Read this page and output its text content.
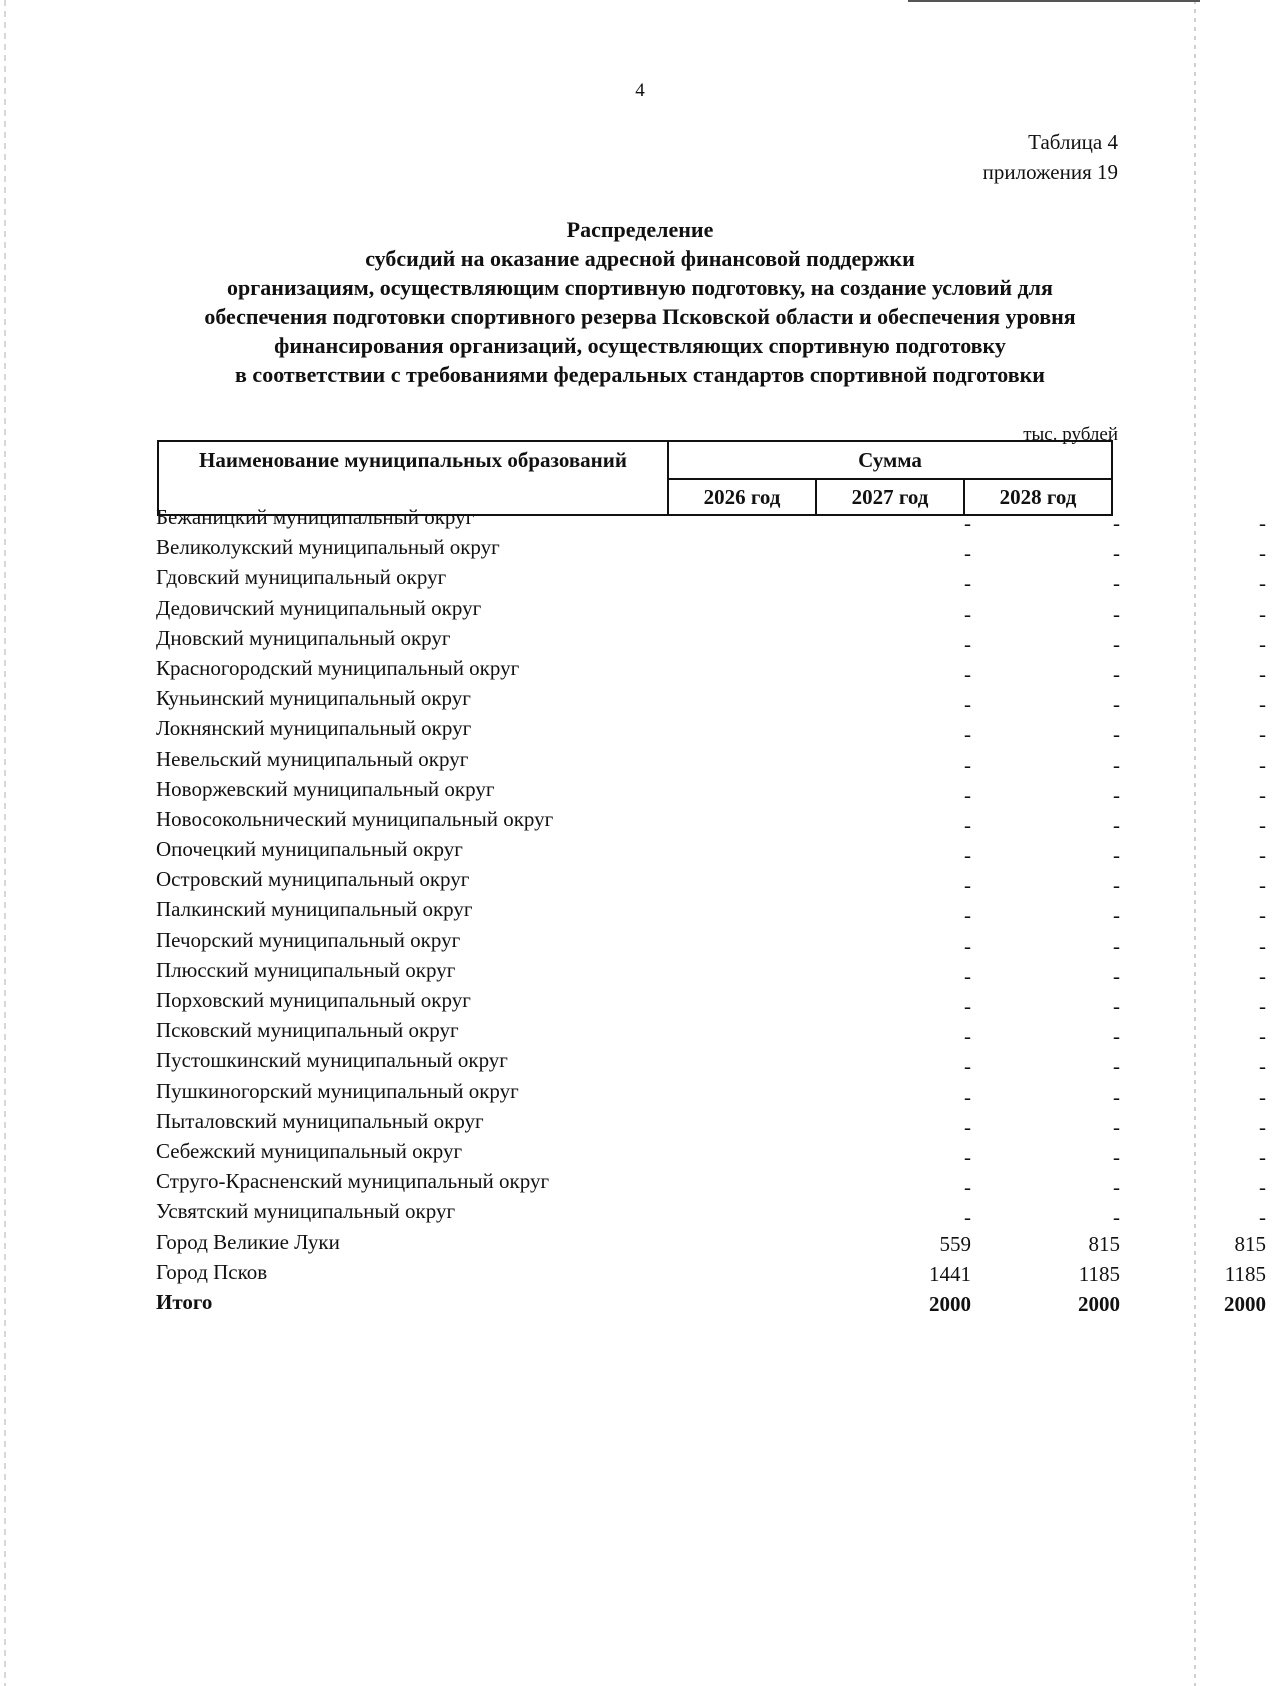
4
Таблица 4
приложения 19
Распределение
субсидий на оказание адресной финансовой поддержки
организациям, осуществляющим спортивную подготовку, на создание условий для
обеспечения подготовки спортивного резерва Псковской области и обеспечения уровня
финансирования организаций, осуществляющих спортивную подготовку
в соответствии с требованиями федеральных стандартов спортивной подготовки
тыс. рублей
Наименование муниципальных образований	Сумма		
	2026 год	2027 год	2028 год
Бежаницкий муниципальный округ	-	-	-
Великолукский муниципальный округ	-	-	-
Гдовский муниципальный округ	-	-	-
Дедовичский муниципальный округ	-	-	-
Дновский муниципальный округ	-	-	-
Красногородский муниципальный округ	-	-	-
Куньинский муниципальный округ	-	-	-
Локнянский муниципальный округ	-	-	-
Невельский муниципальный округ	-	-	-
Новоржевский муниципальный округ	-	-	-
Новосокольнический муниципальный округ	-	-	-
Опочецкий муниципальный округ	-	-	-
Островский муниципальный округ	-	-	-
Палкинский муниципальный округ	-	-	-
Печорский муниципальный округ	-	-	-
Плюсский муниципальный округ	-	-	-
Порховский муниципальный округ	-	-	-
Псковский муниципальный округ	-	-	-
Пустошкинский муниципальный округ	-	-	-
Пушкиногорский муниципальный округ	-	-	-
Пыталовский муниципальный округ	-	-	-
Себежский муниципальный округ	-	-	-
Струго-Красненский муниципальный округ	-	-	-
Усвятский муниципальный округ	-	-	-
Город Великие Луки	559	815	815
Город Псков	1441	1185	1185
Итого	2000	2000	2000
